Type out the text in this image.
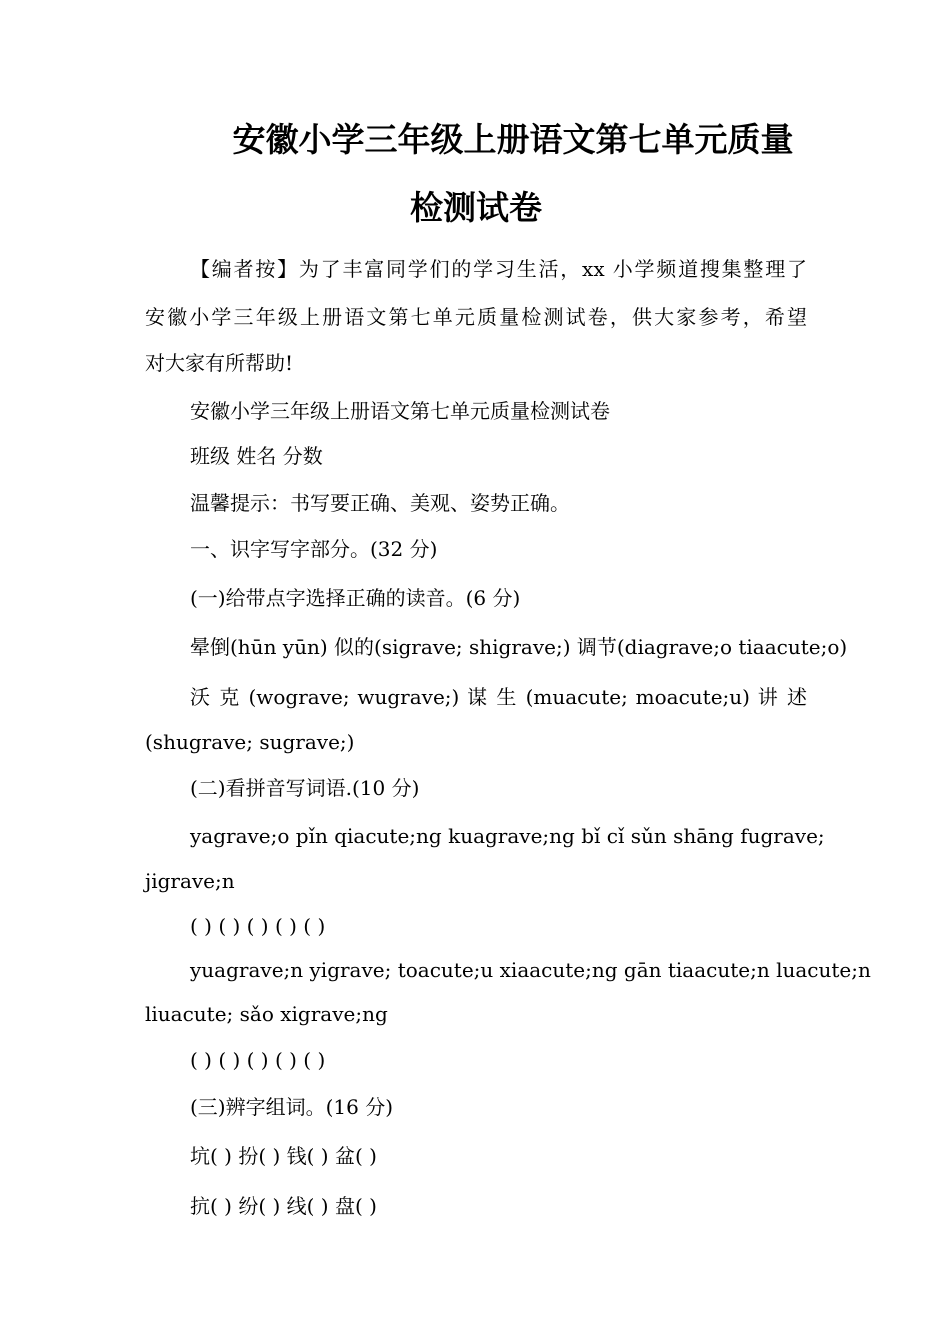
安徽小学三年级上册语文第七单元质量
检测试卷
【编者按】为了丰富同学们的学习生活，xx 小学频道搜集整理了
安徽小学三年级上册语文第七单元质量检测试卷，供大家参考，希望
对大家有所帮助!
安徽小学三年级上册语文第七单元质量检测试卷
班级 姓名 分数
温馨提示：书写要正确、美观、姿势正确。
一、识字写字部分。(32 分)
(一)给带点字选择正确的读音。(6 分)
晕倒(hūn yūn) 似的(sigrave; shigrave;) 调节(diagrave;o tiaacute;o)
沃 克 (wograve; wugrave;) 谋 生 (muacute; moacute;u) 讲 述
(shugrave; sugrave;)
(二)看拼音写词语.(10 分)
yagrave;o pǐn qiacute;ng kuagrave;ng bǐ cǐ sǔn shāng fugrave;
jigrave;n
( ) ( ) ( ) ( ) ( )
yuagrave;n yigrave; toacute;u xiaacute;ng gān tiaacute;n luacute;n
liuacute; sǎo xigrave;ng
( ) ( ) ( ) ( ) ( )
(三)辨字组词。(16 分)
坑( ) 扮( ) 钱( ) 盆( )
抗( ) 纷( ) 线( ) 盘( )
